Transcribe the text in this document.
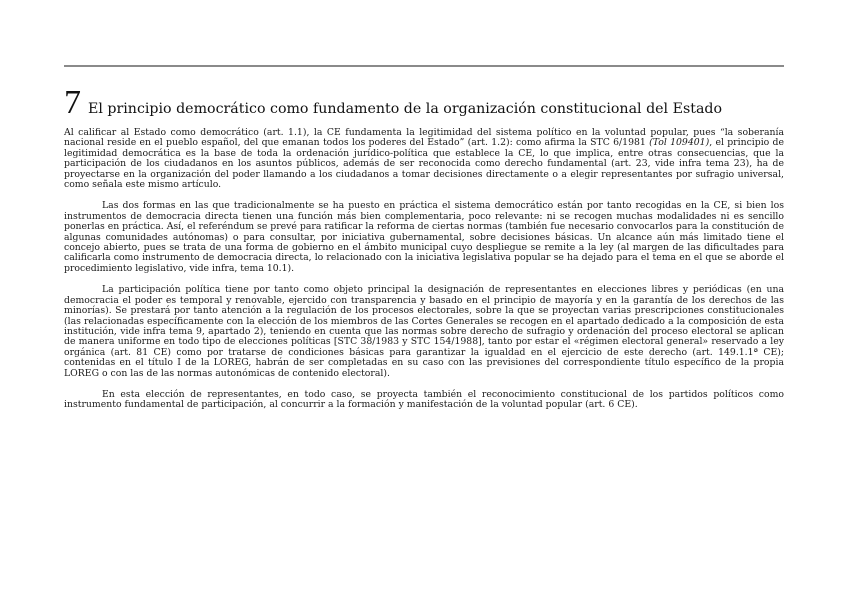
7 El principio democrático como fundamento de la organización constitucional del Estado

Al calificar al Estado como democrático (art. 1.1), la CE fundamenta la legitimidad del sistema político en la voluntad popular, pues “la soberanía nacional reside en el pueblo español, del que emanan todos los poderes del Estado” (art. 1.2): como afirma la STC 6/1981 (Tol 109401), el principio de legitimidad democrática es la base de toda la ordenación jurídico-política que establece la CE, lo que implica, entre otras consecuencias, que la participación de los ciudadanos en los asuntos públicos, además de ser reconocida como derecho fundamental (art. 23, vide infra tema 23), ha de proyectarse en la organización del poder llamando a los ciudadanos a tomar decisiones directamente o a elegir representantes por sufragio universal, como señala este mismo artículo.

Las dos formas en las que tradicionalmente se ha puesto en práctica el sistema democrático están por tanto recogidas en la CE, si bien los instrumentos de democracia directa tienen una función más bien complementaria, poco relevante: ni se recogen muchas modalidades ni es sencillo ponerlas en práctica. Así, el referéndum se prevé para ratificar la reforma de ciertas normas (también fue necesario convocarlos para la constitución de algunas comunidades autónomas) o para consultar, por iniciativa gubernamental, sobre decisiones básicas. Un alcance aún más limitado tiene el concejo abierto, pues se trata de una forma de gobierno en el ámbito municipal cuyo despliegue se remite a la ley (al margen de las dificultades para calificarla como instrumento de democracia directa, lo relacionado con la iniciativa legislativa popular se ha dejado para el tema en el que se aborde el procedimiento legislativo, vide infra, tema 10.1).

La participación política tiene por tanto como objeto principal la designación de representantes en elecciones libres y periódicas (en una democracia el poder es temporal y renovable, ejercido con transparencia y basado en el principio de mayoría y en la garantía de los derechos de las minorías). Se prestará por tanto atención a la regulación de los procesos electorales, sobre la que se proyectan varias prescripciones constitucionales (las relacionadas específicamente con la elección de los miembros de las Cortes Generales se recogen en el apartado dedicado a la composición de esta institución, vide infra tema 9, apartado 2), teniendo en cuenta que las normas sobre derecho de sufragio y ordenación del proceso electoral se aplican de manera uniforme en todo tipo de elecciones políticas [STC 38/1983 y STC 154/1988], tanto por estar el «régimen electoral general» reservado a ley orgánica (art. 81 CE) como por tratarse de condiciones básicas para garantizar la igualdad en el ejercicio de este derecho (art. 149.1.1ª CE); contenidas en el título I de la LOREG, habrán de ser completadas en su caso con las previsiones del correspondiente título específico de la propia LOREG o con las de las normas autonómicas de contenido electoral).

En esta elección de representantes, en todo caso, se proyecta también el reconocimiento constitucional de los partidos políticos como instrumento fundamental de participación, al concurrir a la formación y manifestación de la voluntad popular (art. 6 CE).
